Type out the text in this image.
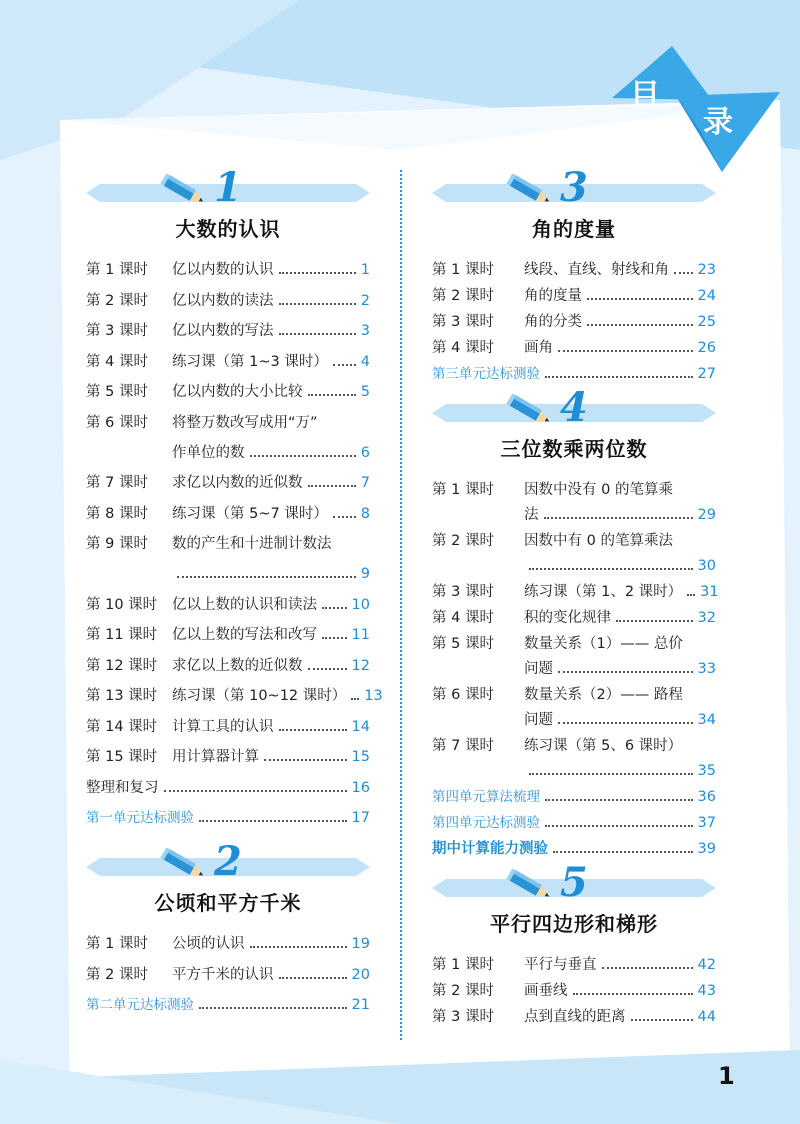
目
录
1
大数的认识
第 1 课时	亿以内数的认识	1
第 2 课时	亿以内数的读法	2
第 3 课时	亿以内数的写法	3
第 4 课时	练习课（第 1~3 课时） 4
第 5 课时	亿以内数的大小比较	5
第 6 课时	将整万数改写成用“万”
作单位的数	6
第 7 课时	求亿以内数的近似数	7
第 8 课时	练习课（第 5~7 课时） 8
第 9 课时	数的产生和十进制计数法
9
第 10 课时	亿以上数的认识和读法 10
第 11 课时	亿以上数的写法和改写 11
第 12 课时	求亿以上数的近似数	12
第 13 课时	练习课（第 10~12 课时） 13
第 14 课时	计算工具的认识	14
第 15 课时	用计算器计算	15
整理和复习	16
第一单元达标测验	17
2
公顷和平方千米
第 1 课时	公顷的认识	19
第 2 课时	平方千米的认识	20
第二单元达标测验	21
3
角的度量
第 1 课时	线段、直线、射线和角 23
第 2 课时	角的度量	24
第 3 课时	角的分类	25
第 4 课时	画角	26
第三单元达标测验	27
4
三位数乘两位数
第 1 课时	因数中没有 0 的笔算乘
法	29
第 2 课时	因数中有 0 的笔算乘法
30
第 3 课时	练习课（第 1、2 课时） 31
第 4 课时	积的变化规律	32
第 5 课时	数量关系（1）—— 总价
问题	33
第 6 课时	数量关系（2）—— 路程
问题	34
第 7 课时	练习课（第 5、6 课时）
35
第四单元算法梳理	36
第四单元达标测验	37
期中计算能力测验	39
5
平行四边形和梯形
第 1 课时	平行与垂直	42
第 2 课时	画垂线	43
第 3 课时	点到直线的距离	44
1
